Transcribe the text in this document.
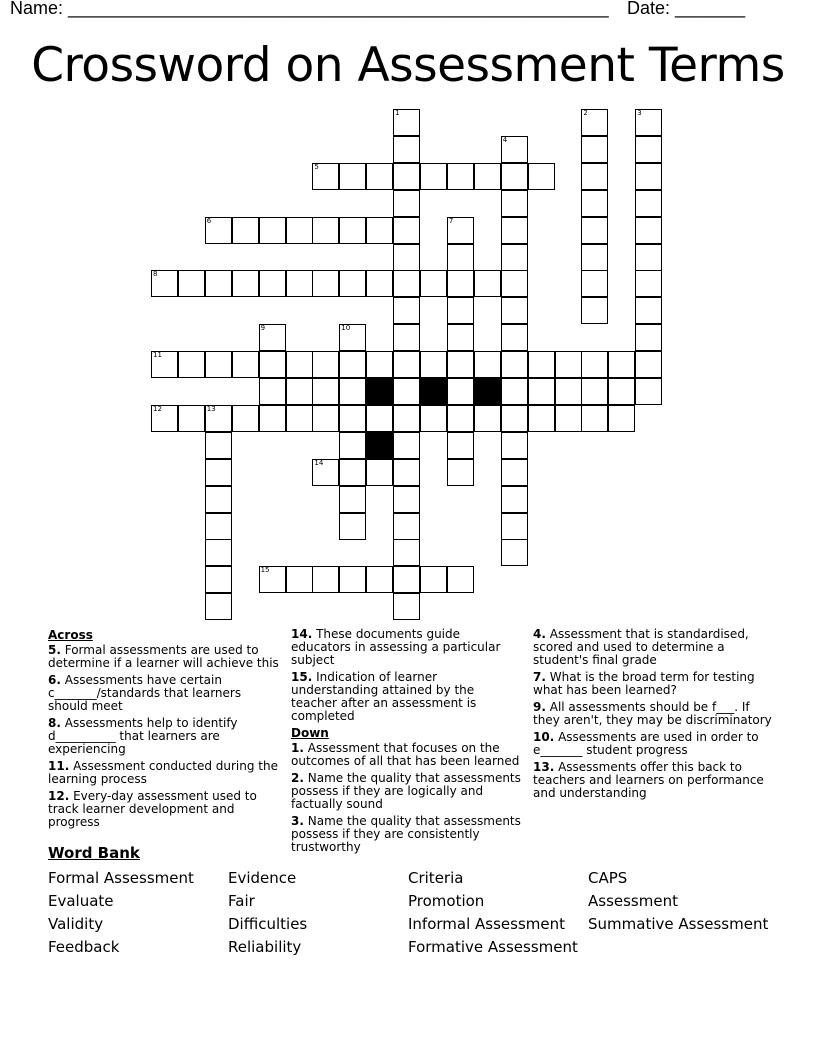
Name: ______________________________________________________ Date: _______
Crossword on Assessment Terms
1	2	3
4
5
6	7
8
9	10
11
12	13
14
15
Across
5. Formal assessments are used to determine if a learner will achieve this
6. Assessments have certain c_______/standards that learners should meet
8. Assessments help to identify d__________ that learners are experiencing
11. Assessment conducted during the learning process
12. Every-day assessment used to track learner development and progress
14. These documents guide educators in assessing a particular subject
15. Indication of learner understanding attained by the teacher after an assessment is completed
Down
1. Assessment that focuses on the outcomes of all that has been learned
2. Name the quality that assessments possess if they are logically and factually sound
3. Name the quality that assessments possess if they are consistently trustworthy
4. Assessment that is standardised, scored and used to determine a student's final grade
7. What is the broad term for testing what has been learned?
9. All assessments should be f___. If they aren't, they may be discriminatory
10. Assessments are used in order to e_______ student progress
13. Assessments offer this back to teachers and learners on performance and understanding
Word Bank
Formal Assessment
Evaluate
Validity
Feedback
Evidence
Fair
Difficulties
Reliability
Criteria
Promotion
Informal Assessment
Formative Assessment
CAPS
Assessment
Summative Assessment
